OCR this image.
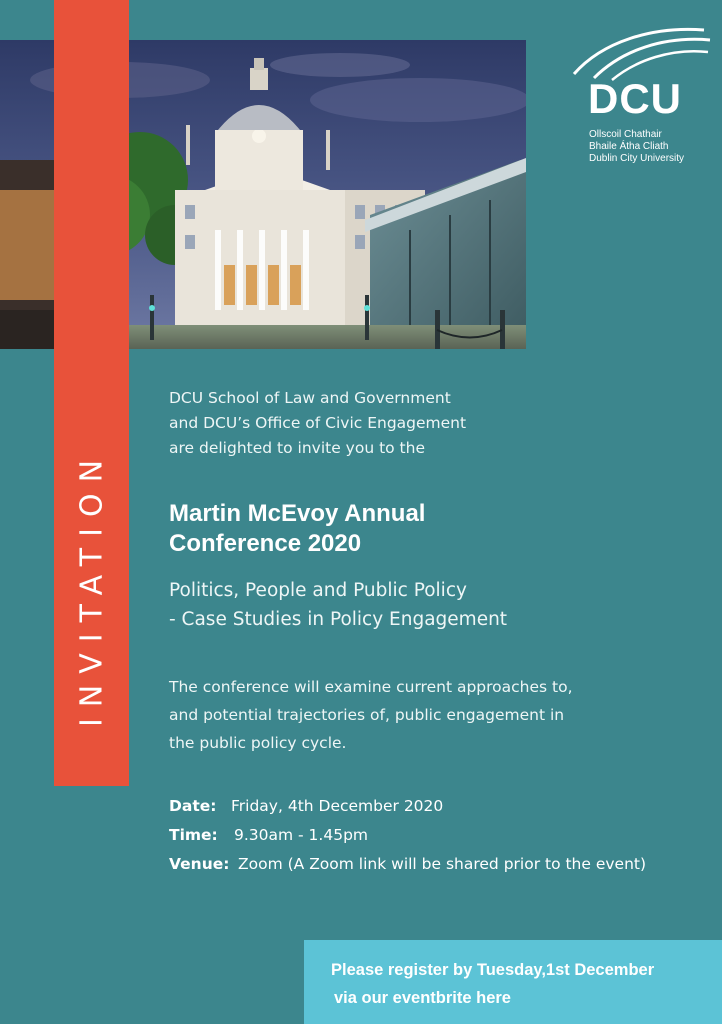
INVITATION
DCU
Ollscoil Chathair
Bhaile Átha Cliath
Dublin City University
DCU School of Law and Government
and DCU’s Office of Civic Engagement
are delighted to invite you to the
Martin McEvoy Annual
Conference 2020
Politics, People and Public Policy
- Case Studies in Policy Engagement
The conference will examine current approaches to,
and potential trajectories of, public engagement in
the public policy cycle.
Date: Friday, 4th December 2020
Time: 9.30am - 1.45pm
Venue: Zoom (A Zoom link will be shared prior to the event)
Please register by Tuesday,1st December
via our eventbrite here
